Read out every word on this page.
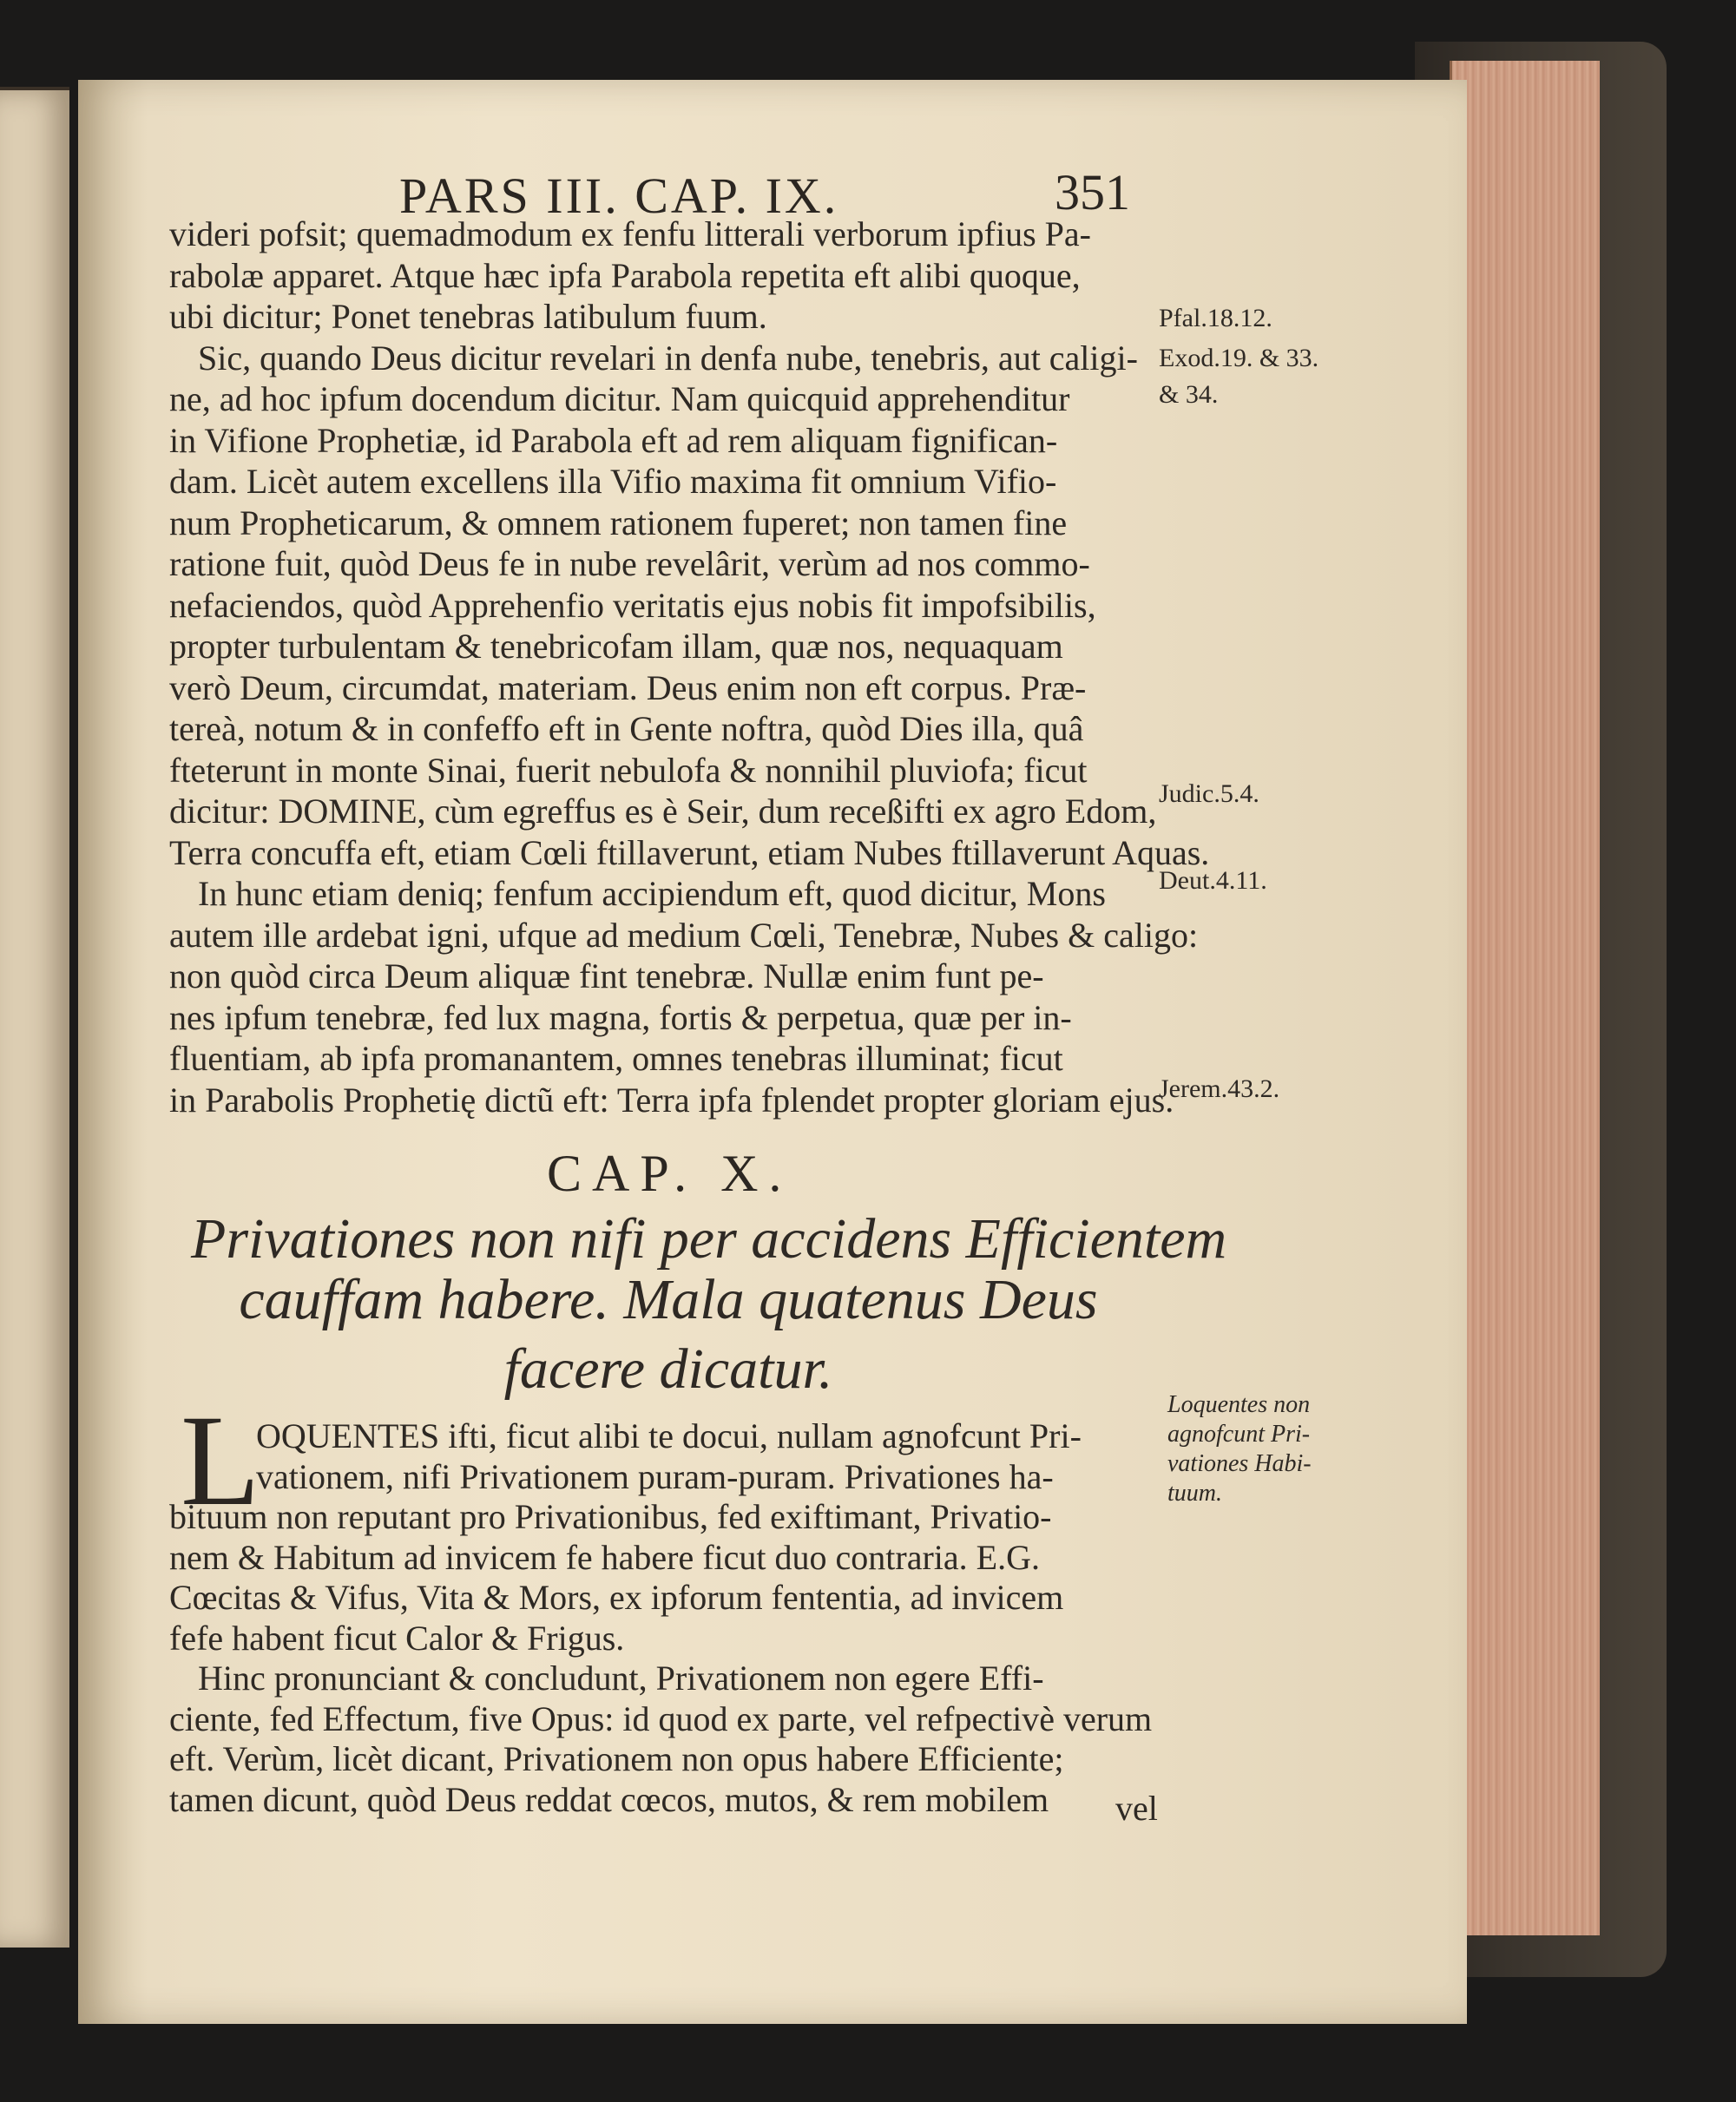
PARS III. CAP. IX.	351
videri pofsit; quemadmodum ex fenfu litterali verborum ipfius Pa-
rabolæ apparet. Atque hæc ipfa Parabola repetita eft alibi quoque,
ubi dicitur; Ponet tenebras latibulum fuum.
Sic, quando Deus dicitur revelari in denfa nube, tenebris, aut caligi-
ne, ad hoc ipfum docendum dicitur. Nam quicquid apprehenditur
in Vifione Prophetiæ, id Parabola eft ad rem aliquam fignifican-
dam. Licèt autem excellens illa Vifio maxima fit omnium Vifio-
num Propheticarum, & omnem rationem fuperet; non tamen fine
ratione fuit, quòd Deus fe in nube revelârit, verùm ad nos commo-
nefaciendos, quòd Apprehenfio veritatis ejus nobis fit impofsibilis,
propter turbulentam & tenebricofam illam, quæ nos, nequaquam
verò Deum, circumdat, materiam. Deus enim non eft corpus. Præ-
tereà, notum & in confeffo eft in Gente noftra, quòd Dies illa, quâ
fteterunt in monte Sinai, fuerit nebulofa & nonnihil pluviofa; ficut
dicitur: DOMINE, cùm egreffus es è Seir, dum receßifti ex agro Edom,
Terra concuffa eft, etiam Cœli ftillaverunt, etiam Nubes ftillaverunt Aquas.
In hunc etiam deniq; fenfum accipiendum eft, quod dicitur, Mons
autem ille ardebat igni, ufque ad medium Cœli, Tenebræ, Nubes & caligo:
non quòd circa Deum aliquæ fint tenebræ. Nullæ enim funt pe-
nes ipfum tenebræ, fed lux magna, fortis & perpetua, quæ per in-
fluentiam, ab ipfa promanantem, omnes tenebras illuminat; ficut
in Parabolis Prophetię dictũ eft: Terra ipfa fplendet propter gloriam ejus.
Pfal.18.12.
Exod.19. & 33.
& 34.
Judic.5.4.
Deut.4.11.
Jerem.43.2.
CAP. X.
Privationes non nifi per accidens Efficientem
cauffam habere. Mala quatenus Deus
facere dicatur.
L
OQUENTES ifti, ficut alibi te docui, nullam agnofcunt Pri-
vationem, nifi Privationem puram-puram. Privationes ha-
bituum non reputant pro Privationibus, fed exiftimant, Privatio-
nem & Habitum ad invicem fe habere ficut duo contraria. E.G.
Cœcitas & Vifus, Vita & Mors, ex ipforum fententia, ad invicem
fefe habent ficut Calor & Frigus.
Hinc pronunciant & concludunt, Privationem non egere Effi-
ciente, fed Effectum, five Opus: id quod ex parte, vel refpectivè verum
eft. Verùm, licèt dicant, Privationem non opus habere Efficiente;
tamen dicunt, quòd Deus reddat cœcos, mutos, & rem mobilem
Loquentes non
agnofcunt Pri-
vationes Habi-
tuum.
vel
